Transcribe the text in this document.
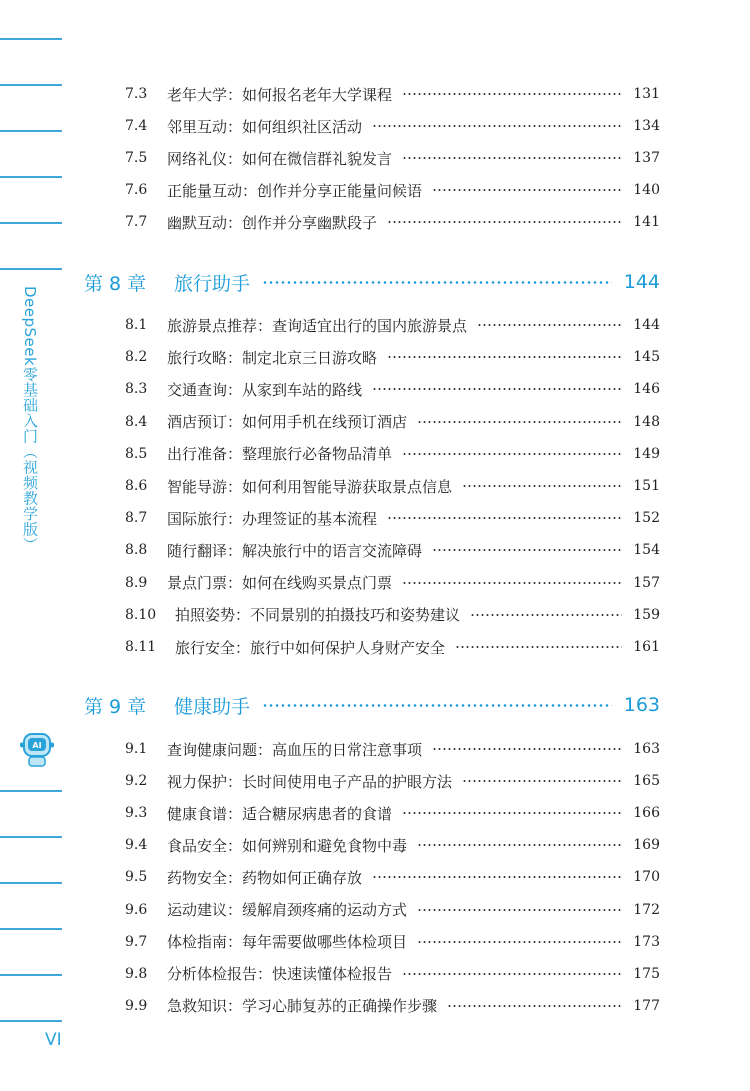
DeepSeek零基础入门（视频教学版）
AI
VI
7.3	老年大学：如何报名老年大学课程	131
7.4	邻里互动：如何组织社区活动	134
7.5	网络礼仪：如何在微信群礼貌发言	137
7.6	正能量互动：创作并分享正能量问候语	140
7.7	幽默互动：创作并分享幽默段子	141
第 8 章	旅行助手	144
8.1	旅游景点推荐：查询适宜出行的国内旅游景点	144
8.2	旅行攻略：制定北京三日游攻略	145
8.3	交通查询：从家到车站的路线	146
8.4	酒店预订：如何用手机在线预订酒店	148
8.5	出行准备：整理旅行必备物品清单	149
8.6	智能导游：如何利用智能导游获取景点信息	151
8.7	国际旅行：办理签证的基本流程	152
8.8	随行翻译：解决旅行中的语言交流障碍	154
8.9	景点门票：如何在线购买景点门票	157
8.10	拍照姿势：不同景别的拍摄技巧和姿势建议	159
8.11	旅行安全：旅行中如何保护人身财产安全	161
第 9 章	健康助手	163
9.1	查询健康问题：高血压的日常注意事项	163
9.2	视力保护：长时间使用电子产品的护眼方法	165
9.3	健康食谱：适合糖尿病患者的食谱	166
9.4	食品安全：如何辨别和避免食物中毒	169
9.5	药物安全：药物如何正确存放	170
9.6	运动建议：缓解肩颈疼痛的运动方式	172
9.7	体检指南：每年需要做哪些体检项目	173
9.8	分析体检报告：快速读懂体检报告	175
9.9	急救知识：学习心肺复苏的正确操作步骤	177
